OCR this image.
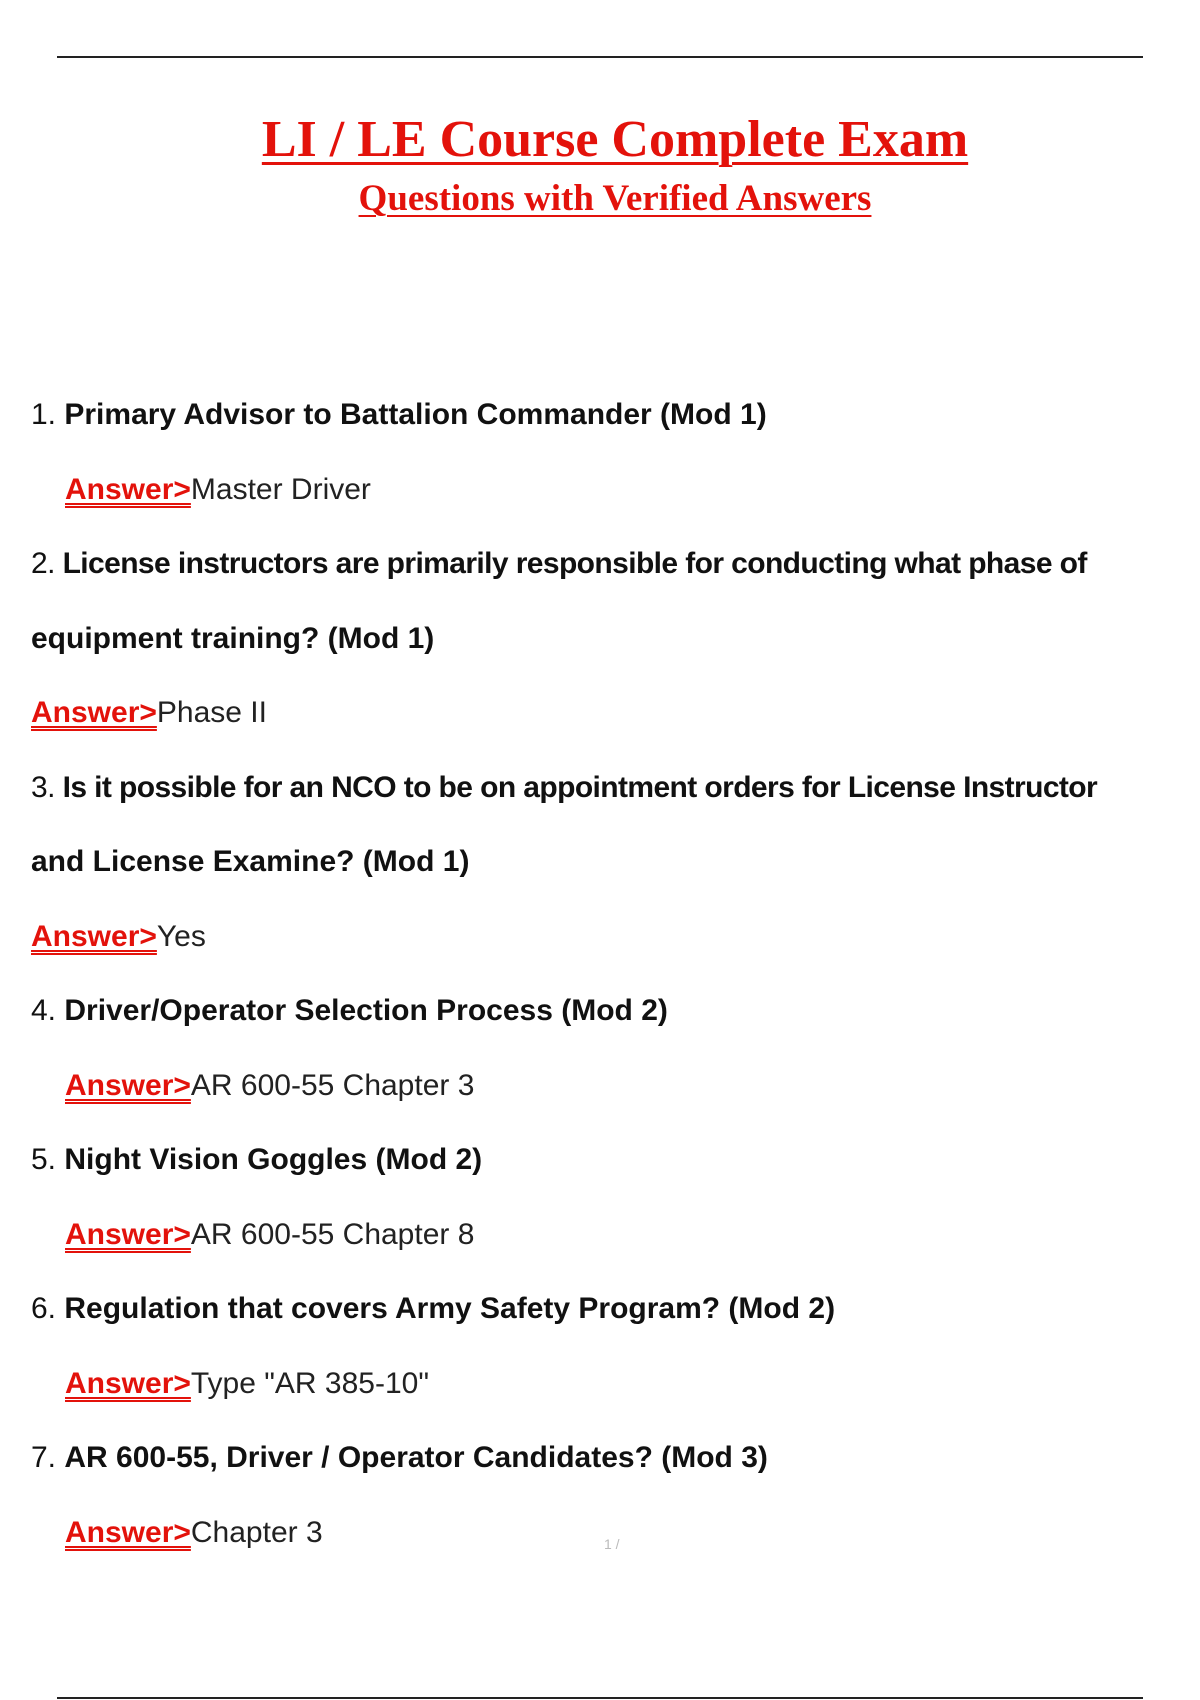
LI / LE Course Complete Exam
Questions with Verified Answers
1. Primary Advisor to Battalion Commander (Mod 1)
Answer>Master Driver
2. License instructors are primarily responsible for conducting what phase of
equipment training? (Mod 1)
Answer>Phase II
3. Is it possible for an NCO to be on appointment orders for License Instructor
and License Examine? (Mod 1)
Answer>Yes
4. Driver/Operator Selection Process (Mod 2)
Answer>AR 600-55 Chapter 3
5. Night Vision Goggles (Mod 2)
Answer>AR 600-55 Chapter 8
6. Regulation that covers Army Safety Program? (Mod 2)
Answer>Type "AR 385-10"
7. AR 600-55, Driver / Operator Candidates? (Mod 3)
Answer>Chapter 3	1 /
